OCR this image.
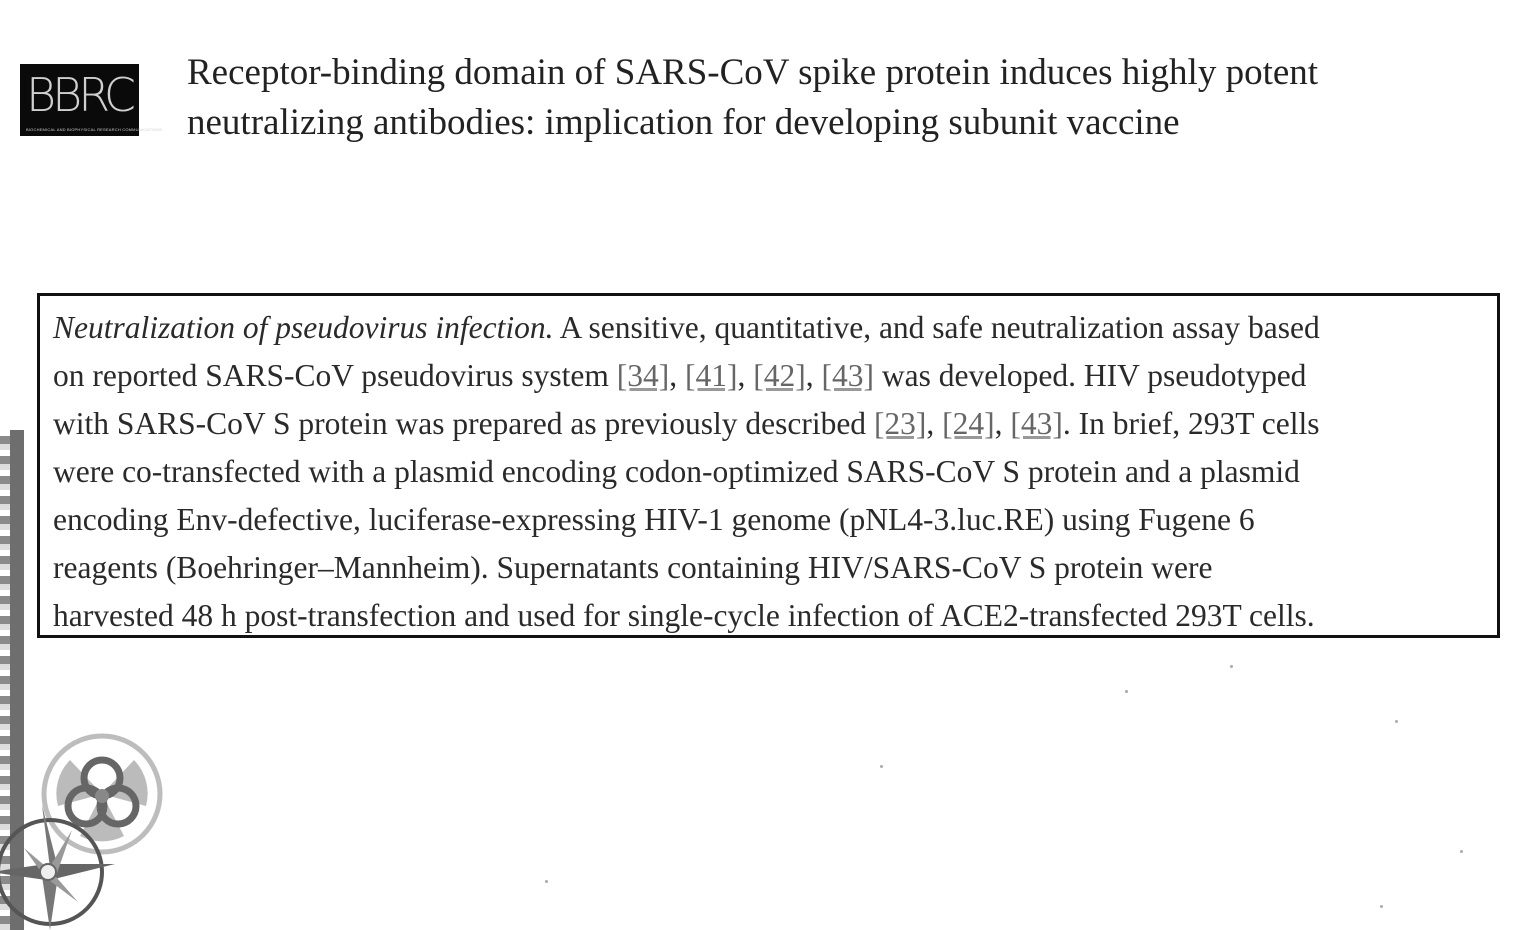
BBRC
BIOCHEMICAL AND BIOPHYSICAL RESEARCH COMMUNICATIONS
Receptor-binding domain of SARS-CoV spike protein induces highly potent
neutralizing antibodies: implication for developing subunit vaccine
Neutralization of pseudovirus infection. A sensitive, quantitative, and safe neutralization assay based
on reported SARS-CoV pseudovirus system [34], [41], [42], [43] was developed. HIV pseudotyped
with SARS-CoV S protein was prepared as previously described [23], [24], [43]. In brief, 293T cells
were co-transfected with a plasmid encoding codon-optimized SARS-CoV S protein and a plasmid
encoding Env-defective, luciferase-expressing HIV-1 genome (pNL4-3.luc.RE) using Fugene 6
reagents (Boehringer–Mannheim). Supernatants containing HIV/SARS-CoV S protein were
harvested 48 h post-transfection and used for single-cycle infection of ACE2-transfected 293T cells.
